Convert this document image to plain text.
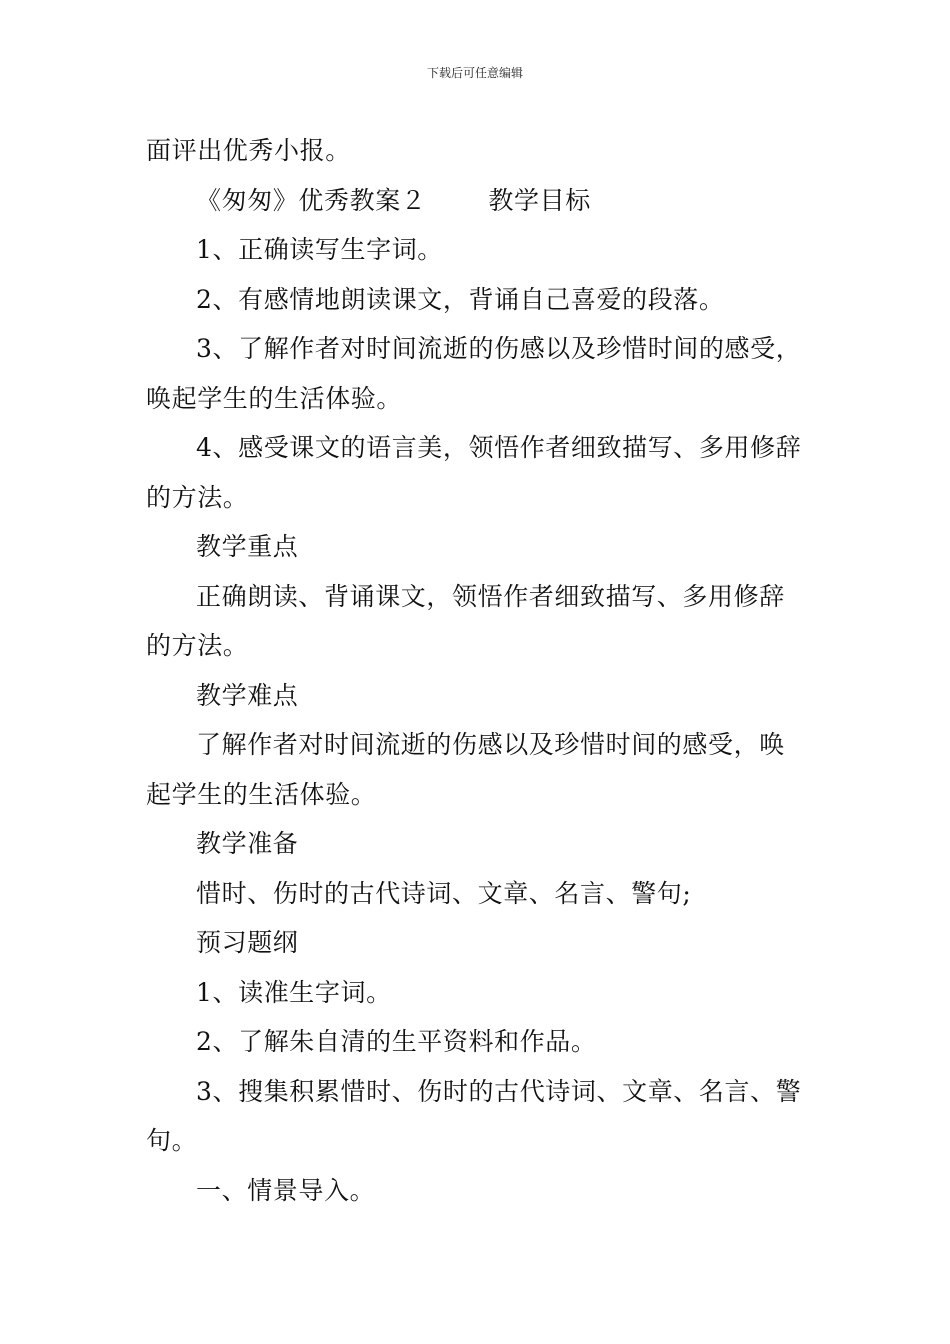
下载后可任意编辑
面评出优秀小报。
《匆匆》优秀教案２ 教学目标
1、正确读写生字词。
2、有感情地朗读课文，背诵自己喜爱的段落。
3、了解作者对时间流逝的伤感以及珍惜时间的感受，
唤起学生的生活体验。
4、感受课文的语言美，领悟作者细致描写、多用修辞
的方法。
教学重点
正确朗读、背诵课文，领悟作者细致描写、多用修辞
的方法。
教学难点
了解作者对时间流逝的伤感以及珍惜时间的感受，唤
起学生的生活体验。
教学准备
惜时、伤时的古代诗词、文章、名言、警句;
预习题纲
1、读准生字词。
2、了解朱自清的生平资料和作品。
3、搜集积累惜时、伤时的古代诗词、文章、名言、警
句。
一、情景导入。
